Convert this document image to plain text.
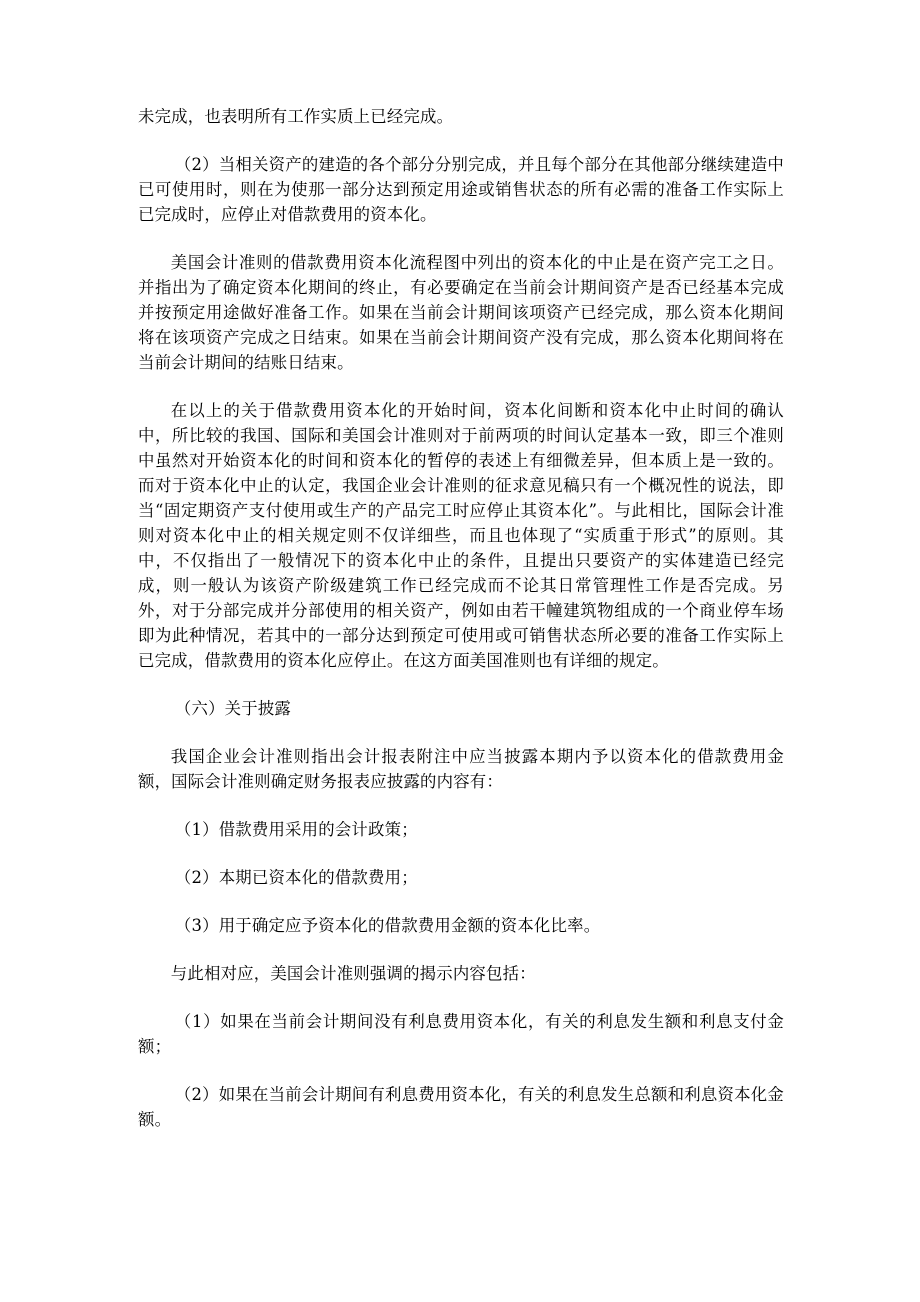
未完成，也表明所有工作实质上已经完成。

（2）当相关资产的建造的各个部分分别完成，并且每个部分在其他部分继续建造中已可使用时，则在为使那一部分达到预定用途或销售状态的所有必需的准备工作实际上已完成时，应停止对借款费用的资本化。

美国会计准则的借款费用资本化流程图中列出的资本化的中止是在资产完工之日。并指出为了确定资本化期间的终止，有必要确定在当前会计期间资产是否已经基本完成并按预定用途做好准备工作。如果在当前会计期间该项资产已经完成，那么资本化期间将在该项资产完成之日结束。如果在当前会计期间资产没有完成，那么资本化期间将在当前会计期间的结账日结束。

在以上的关于借款费用资本化的开始时间，资本化间断和资本化中止时间的确认中，所比较的我国、国际和美国会计准则对于前两项的时间认定基本一致，即三个准则中虽然对开始资本化的时间和资本化的暂停的表述上有细微差异，但本质上是一致的。而对于资本化中止的认定，我国企业会计准则的征求意见稿只有一个概况性的说法，即当“固定期资产支付使用或生产的产品完工时应停止其资本化”。与此相比，国际会计准则对资本化中止的相关规定则不仅详细些，而且也体现了“实质重于形式”的原则。其中，不仅指出了一般情况下的资本化中止的条件，且提出只要资产的实体建造已经完成，则一般认为该资产阶级建筑工作已经完成而不论其日常管理性工作是否完成。另外，对于分部完成并分部使用的相关资产，例如由若干幢建筑物组成的一个商业停车场即为此种情况，若其中的一部分达到预定可使用或可销售状态所必要的准备工作实际上已完成，借款费用的资本化应停止。在这方面美国准则也有详细的规定。

（六）关于披露

我国企业会计准则指出会计报表附注中应当披露本期内予以资本化的借款费用金额，国际会计准则确定财务报表应披露的内容有：

（1）借款费用采用的会计政策；

（2）本期已资本化的借款费用；

（3）用于确定应予资本化的借款费用金额的资本化比率。

与此相对应，美国会计准则强调的揭示内容包括：

（1）如果在当前会计期间没有利息费用资本化，有关的利息发生额和利息支付金额；

（2）如果在当前会计期间有利息费用资本化，有关的利息发生总额和利息资本化金额。
